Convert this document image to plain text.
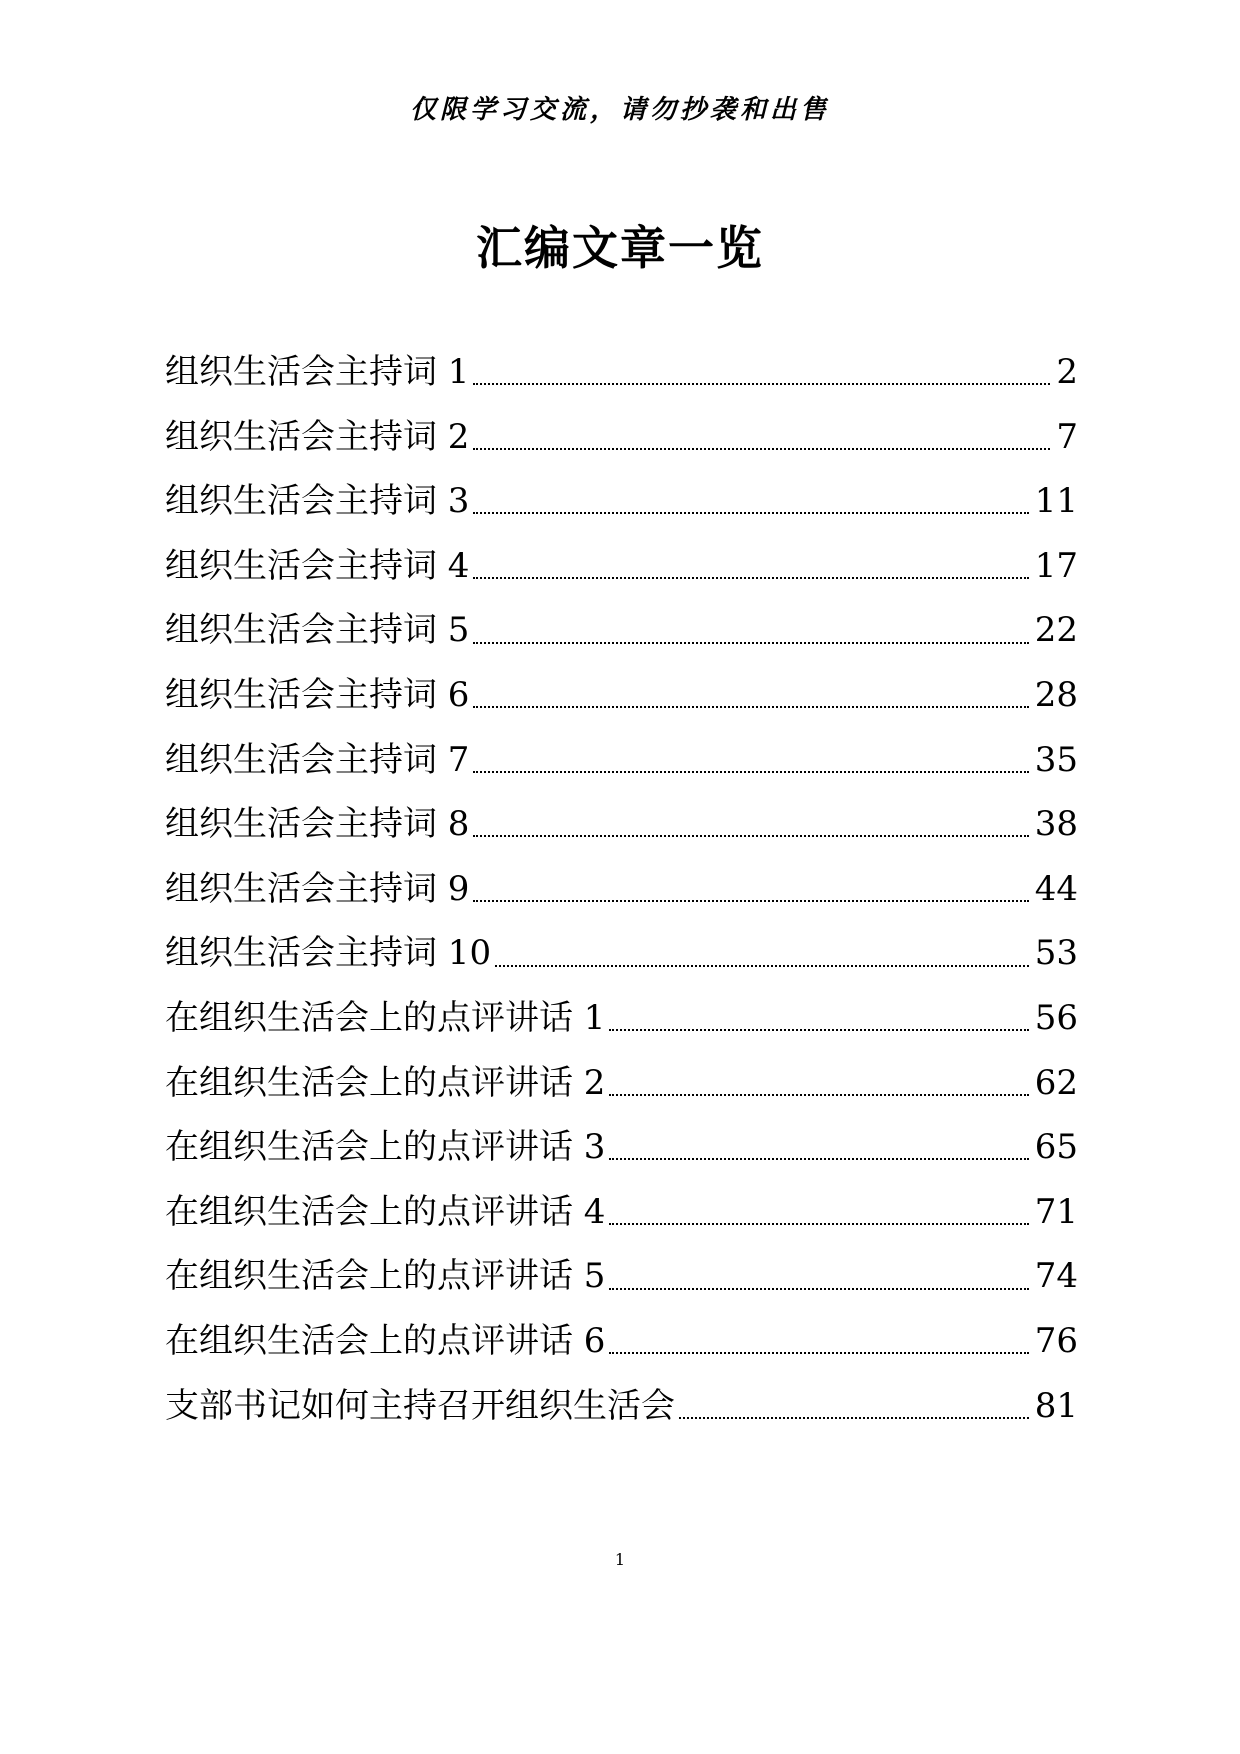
仅限学习交流，请勿抄袭和出售
汇编文章一览
组织生活会主持词 1	2
组织生活会主持词 2	7
组织生活会主持词 3	11
组织生活会主持词 4	17
组织生活会主持词 5	22
组织生活会主持词 6	28
组织生活会主持词 7	35
组织生活会主持词 8	38
组织生活会主持词 9	44
组织生活会主持词 10	53
在组织生活会上的点评讲话 1	56
在组织生活会上的点评讲话 2	62
在组织生活会上的点评讲话 3	65
在组织生活会上的点评讲话 4	71
在组织生活会上的点评讲话 5	74
在组织生活会上的点评讲话 6	76
支部书记如何主持召开组织生活会	81
1
